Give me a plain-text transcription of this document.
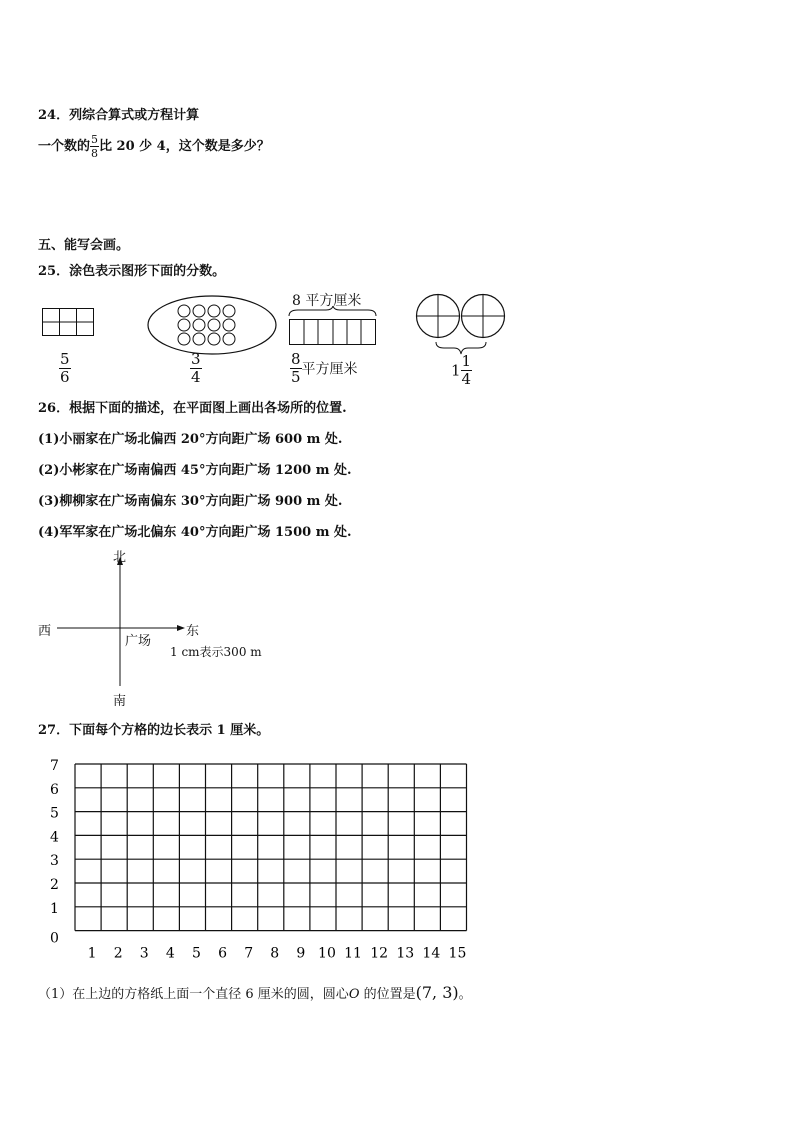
24．列综合算式或方程计算
一个数的 $\frac{5}{8}$ 比 20 少 4，这个数是多少？
五、能写会画。
25．涂色表示图形下面的分数。
$\frac{5}{6}$	$\frac{3}{4}$
8 平方厘米
$\frac{8}{5}$ 平方厘米	$1 \frac{1}{4}$
26．根据下面的描述，在平面图上画出各场所的位置.
(1)小丽家在广场北偏西 20°方向距广场 600 m 处.
(2)小彬家在广场南偏西 45°方向距广场 1200 m 处.
(3)柳柳家在广场南偏东 30°方向距广场 900 m 处.
(4)军军家在广场北偏东 40°方向距广场 1500 m 处.
北
南
西	东
广场
1 cm表示300 m
27．下面每个方格的边长表示 1 厘米。
0
1
2
3
4
5
6
7
1 2 3 4 5 6 7 8 9 10 11 12 13 14 15
（1）在上边的方格纸上面一个直径 6 厘米的圆，圆心O 的位置是(7, 3)。
